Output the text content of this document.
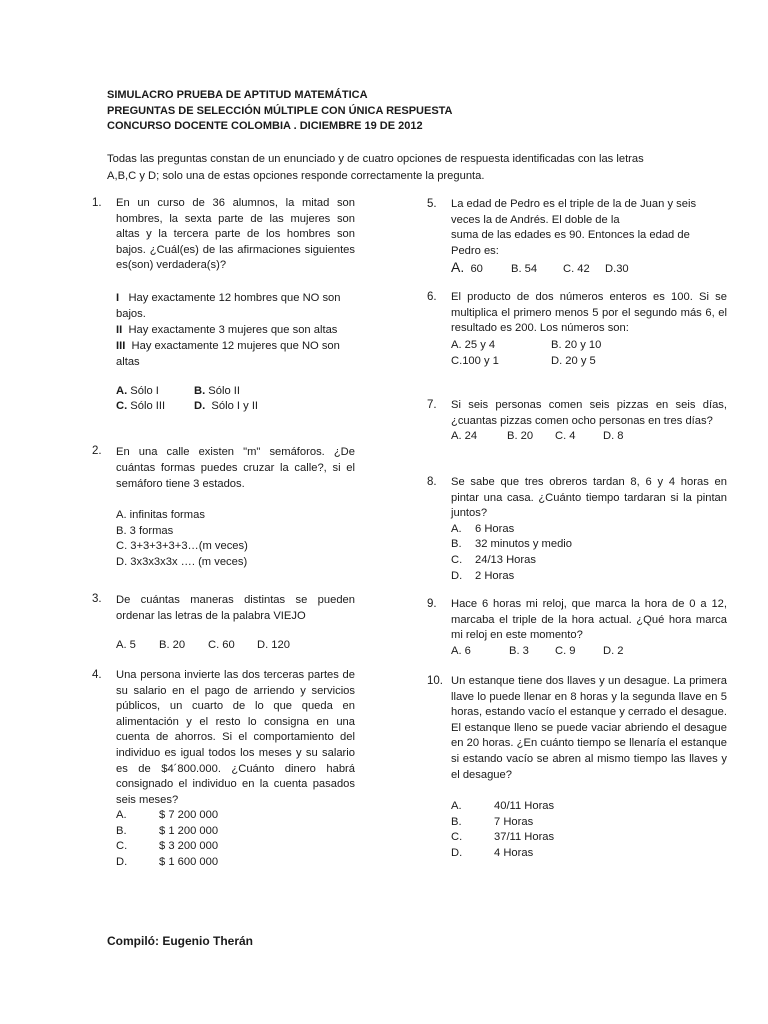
SIMULACRO PRUEBA DE APTITUD MATEMÁTICA
PREGUNTAS DE SELECCIÓN MÚLTIPLE CON ÚNICA RESPUESTA
CONCURSO DOCENTE COLOMBIA . DICIEMBRE 19 DE 2012
Todas las preguntas constan de un enunciado y de cuatro opciones de respuesta identificadas con las letras
A,B,C y D; solo una de estas opciones responde correctamente la pregunta.
1. En un curso de 36 alumnos, la mitad son hombres, la sexta parte de las mujeres son altas y la tercera parte de los hombres son bajos. ¿Cuál(es) de las afirmaciones siguientes es(son) verdadera(s)?

I Hay exactamente 12 hombres que NO son bajos.
II Hay exactamente 3 mujeres que son altas
III Hay exactamente 12 mujeres que NO son altas
A. Sólo I	B. Sólo II
C. Sólo III	D. Sólo I y II
2. En una calle existen "m" semáforos. ¿De cuántas formas puedes cruzar la calle?, si el semáforo tiene 3 estados.

A. infinitas formas
B. 3 formas
C. 3+3+3+3+3…(m veces)
D. 3x3x3x3x …. (m veces)
3. De cuántas maneras distintas se pueden ordenar las letras de la palabra VIEJO

A. 5	B. 20	C. 60	D. 120
4. Una persona invierte las dos terceras partes de su salario en el pago de arriendo y servicios públicos, un cuarto de lo que queda en alimentación y el resto lo consigna en una cuenta de ahorros. Si el comportamiento del individuo es igual todos los meses y su salario es de $4´800.000. ¿Cuánto dinero habrá consignado el individuo en la cuenta pasados seis meses?

A.	$ 7 200 000
B.	$ 1 200 000
C.	$ 3 200 000
D.	$ 1 600 000
5. La edad de Pedro es el triple de la de Juan y seis
veces la de Andrés. El doble de la
suma de las edades es 90. Entonces la edad de
Pedro es:
A. 60	B. 54	C. 42	D.30
6. El producto de dos números enteros es 100. Si se multiplica el primero menos 5 por el segundo más 6, el resultado es 200. Los números son:

A. 25 y 4	B. 20 y 10
C.100 y 1	D. 20 y 5
7. Si seis personas comen seis pizzas en seis días, ¿cuantas pizzas comen ocho personas en tres días?

A. 24	B. 20	C. 4	D. 8
8. Se sabe que tres obreros tardan 8, 6 y 4 horas en pintar una casa. ¿Cuánto tiempo tardaran si la pintan juntos?

A.	6 Horas
B.	32 minutos y medio
C.	24/13 Horas
D.	2 Horas
9. Hace 6 horas mi reloj, que marca la hora de 0 a 12, marcaba el triple de la hora actual. ¿Qué hora marca mi reloj en este momento?

A. 6	B. 3	C. 9	D. 2
10. Un estanque tiene dos llaves y un desague. La primera llave lo puede llenar en 8 horas y la segunda llave en 5 horas, estando vacío el estanque y cerrado el desague. El estanque lleno se puede vaciar abriendo el desague en 20 horas. ¿En cuánto tiempo se llenaría el estanque si estando vacío se abren al mismo tiempo las llaves y el desague?

A.	40/11 Horas
B.	7 Horas
C.	37/11 Horas
D.	4 Horas
Compiló: Eugenio Therán
